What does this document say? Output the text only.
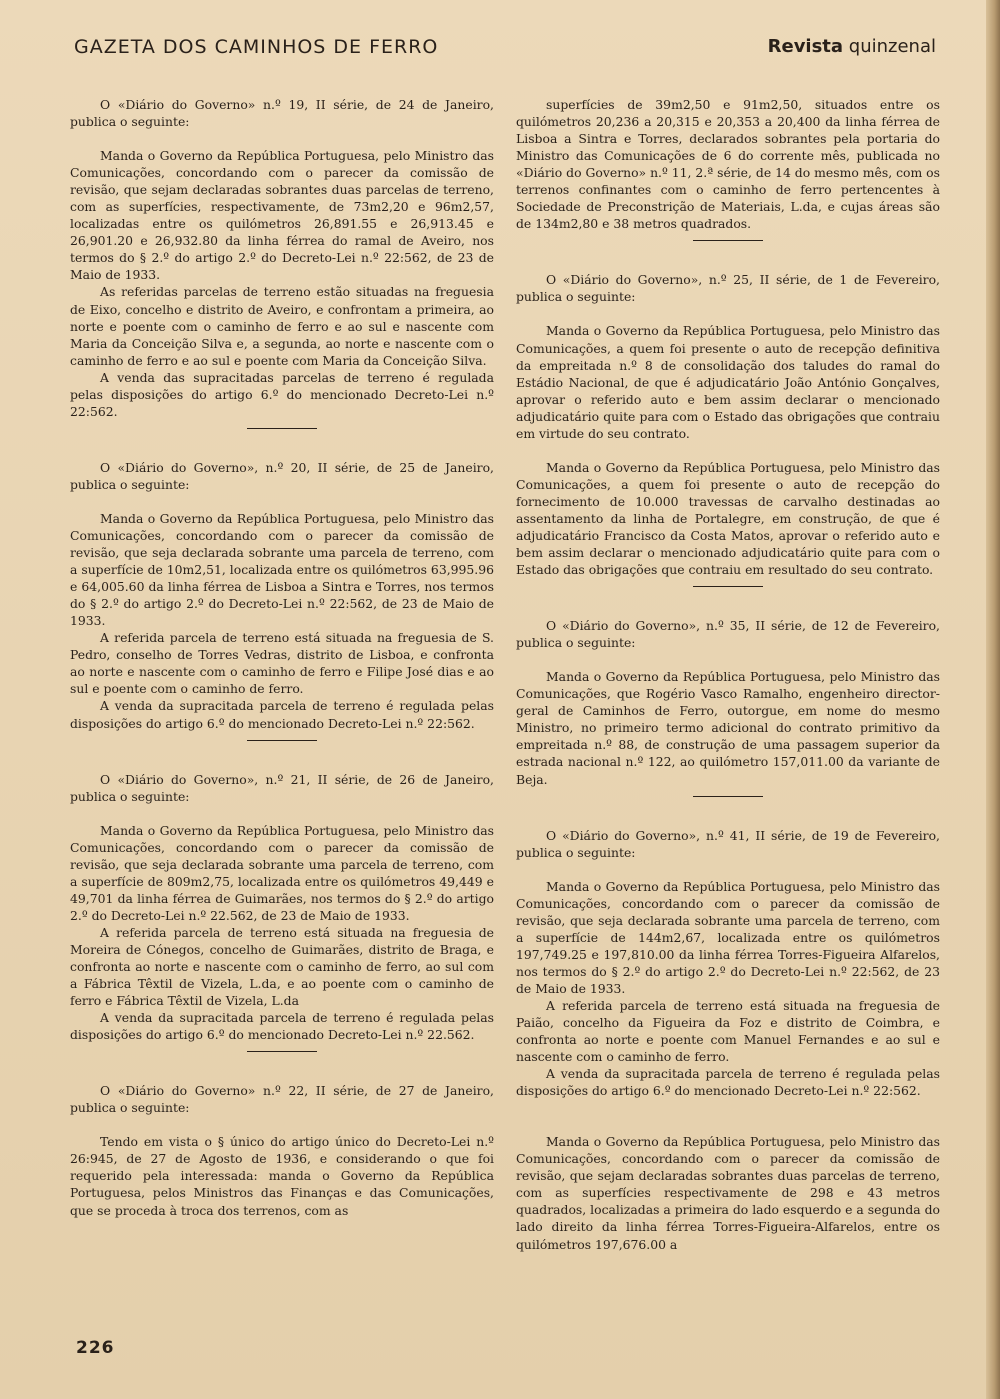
GAZETA DOS CAMINHOS DE FERRO	Revista quinzenal

O «Diário do Governo» n.º 19, II série, de 24 de Janeiro, publica o seguinte:

Manda o Governo da República Portuguesa, pelo Ministro das Comunicações, concordando com o parecer da comissão de revisão, que sejam declaradas sobrantes duas parcelas de terreno, com as superfícies, respectivamente, de 73m2,20 e 96m2,57, localizadas entre os quilómetros 26,891.55 e 26,913.45 e 26,901.20 e 26,932.80 da linha férrea do ramal de Aveiro, nos termos do § 2.º do artigo 2.º do Decreto-Lei n.º 22:562, de 23 de Maio de 1933.

As referidas parcelas de terreno estão situadas na freguesia de Eixo, concelho e distrito de Aveiro, e confrontam a primeira, ao norte e poente com o caminho de ferro e ao sul e nascente com Maria da Conceição Silva e, a segunda, ao norte e nascente com o caminho de ferro e ao sul e poente com Maria da Conceição Silva.

A venda das supracitadas parcelas de terreno é regulada pelas disposições do artigo 6.º do mencionado Decreto-Lei n.º 22:562.

O «Diário do Governo», n.º 20, II série, de 25 de Janeiro, publica o seguinte:

Manda o Governo da República Portuguesa, pelo Ministro das Comunicações, concordando com o parecer da comissão de revisão, que seja declarada sobrante uma parcela de terreno, com a superfície de 10m2,51, localizada entre os quilómetros 63,995.96 e 64,005.60 da linha férrea de Lisboa a Sintra e Torres, nos termos do § 2.º do artigo 2.º do Decreto-Lei n.º 22:562, de 23 de Maio de 1933.

A referida parcela de terreno está situada na freguesia de S. Pedro, conselho de Torres Vedras, distrito de Lisboa, e confronta ao norte e nascente com o caminho de ferro e Filipe José dias e ao sul e poente com o caminho de ferro.

A venda da supracitada parcela de terreno é regulada pelas disposições do artigo 6.º do mencionado Decreto-Lei n.º 22:562.

O «Diário do Governo», n.º 21, II série, de 26 de Janeiro, publica o seguinte:

Manda o Governo da República Portuguesa, pelo Ministro das Comunicações, concordando com o parecer da comissão de revisão, que seja declarada sobrante uma parcela de terreno, com a superfície de 809m2,75, localizada entre os quilómetros 49,449 e 49,701 da linha férrea de Guimarães, nos termos do § 2.º do artigo 2.º do Decreto-Lei n.º 22.562, de 23 de Maio de 1933.

A referida parcela de terreno está situada na freguesia de Moreira de Cónegos, concelho de Guimarães, distrito de Braga, e confronta ao norte e nascente com o caminho de ferro, ao sul com a Fábrica Têxtil de Vizela, L.da, e ao poente com o caminho de ferro e Fábrica Têxtil de Vizela, L.da

A venda da supracitada parcela de terreno é regulada pelas disposições do artigo 6.º do mencionado Decreto-Lei n.º 22.562.

O «Diário do Governo» n.º 22, II série, de 27 de Janeiro, publica o seguinte:

Tendo em vista o § único do artigo único do Decreto-Lei n.º 26:945, de 27 de Agosto de 1936, e considerando o que foi requerido pela interessada: manda o Governo da República Portuguesa, pelos Ministros das Finanças e das Comunicações, que se proceda à troca dos terrenos, com as

superfícies de 39m2,50 e 91m2,50, situados entre os quilómetros 20,236 a 20,315 e 20,353 a 20,400 da linha férrea de Lisboa a Sintra e Torres, declarados sobrantes pela portaria do Ministro das Comunicações de 6 do corrente mês, publicada no «Diário do Governo» n.º 11, 2.ª série, de 14 do mesmo mês, com os terrenos confinantes com o caminho de ferro pertencentes à Sociedade de Preconstrição de Materiais, L.da, e cujas áreas são de 134m2,80 e 38 metros quadrados.

O «Diário do Governo», n.º 25, II série, de 1 de Fevereiro, publica o seguinte:

Manda o Governo da República Portuguesa, pelo Ministro das Comunicações, a quem foi presente o auto de recepção definitiva da empreitada n.º 8 de consolidação dos taludes do ramal do Estádio Nacional, de que é adjudicatário João António Gonçalves, aprovar o referido auto e bem assim declarar o mencionado adjudicatário quite para com o Estado das obrigações que contraiu em virtude do seu contrato.

Manda o Governo da República Portuguesa, pelo Ministro das Comunicações, a quem foi presente o auto de recepção do fornecimento de 10.000 travessas de carvalho destinadas ao assentamento da linha de Portalegre, em construção, de que é adjudicatário Francisco da Costa Matos, aprovar o referido auto e bem assim declarar o mencionado adjudicatário quite para com o Estado das obrigações que contraiu em resultado do seu contrato.

O «Diário do Governo», n.º 35, II série, de 12 de Fevereiro, publica o seguinte:

Manda o Governo da República Portuguesa, pelo Ministro das Comunicações, que Rogério Vasco Ramalho, engenheiro director-geral de Caminhos de Ferro, outorgue, em nome do mesmo Ministro, no primeiro termo adicional do contrato primitivo da empreitada n.º 88, de construção de uma passagem superior da estrada nacional n.º 122, ao quilómetro 157,011.00 da variante de Beja.

O «Diário do Governo», n.º 41, II série, de 19 de Fevereiro, publica o seguinte:

Manda o Governo da República Portuguesa, pelo Ministro das Comunicações, concordando com o parecer da comissão de revisão, que seja declarada sobrante uma parcela de terreno, com a superfície de 144m2,67, localizada entre os quilómetros 197,749.25 e 197,810.00 da linha férrea Torres-Figueira Alfarelos, nos termos do § 2.º do artigo 2.º do Decreto-Lei n.º 22:562, de 23 de Maio de 1933.

A referida parcela de terreno está situada na freguesia de Paião, concelho da Figueira da Foz e distrito de Coimbra, e confronta ao norte e poente com Manuel Fernandes e ao sul e nascente com o caminho de ferro.

A venda da supracitada parcela de terreno é regulada pelas disposições do artigo 6.º do mencionado Decreto-Lei n.º 22:562.

Manda o Governo da República Portuguesa, pelo Ministro das Comunicações, concordando com o parecer da comissão de revisão, que sejam declaradas sobrantes duas parcelas de terreno, com as superfícies respectivamente de 298 e 43 metros quadrados, localizadas a primeira do lado esquerdo e a segunda do lado direito da linha férrea Torres-Figueira-Alfarelos, entre os quilómetros 197,676.00 a

226
